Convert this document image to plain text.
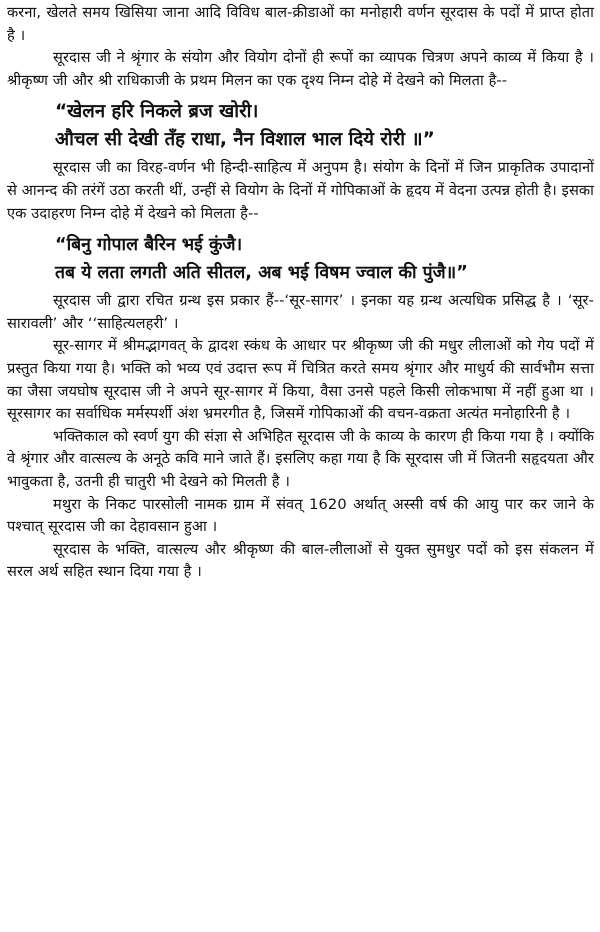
करना, खेलते समय खिसिया जाना आदि विविध बाल-क्रीडाओं का मनोहारी वर्णन सूरदास के पदों में प्राप्त होता है ।

सूरदास जी ने श्रृंगार के संयोग और वियोग दोनों ही रूपों का व्यापक चित्रण अपने काव्य में किया है । श्रीकृष्ण जी और श्री राधिकाजी के प्रथम मिलन का एक दृश्य निम्न दोहे में देखने को मिलता है--

“खेलन हरि निकले ब्रज खोरी।
औचल सी देखी तँह राधा, नैन विशाल भाल दिये रोरी ॥”

सूरदास जी का विरह-वर्णन भी हिन्दी-साहित्य में अनुपम है। संयोग के दिनों में जिन प्राकृतिक उपादानों से आनन्द की तरंगें उठा करती थीं, उन्हीं से वियोग के दिनों में गोपिकाओं के हृदय में वेदना उत्पन्न होती है। इसका एक उदाहरण निम्न दोहे में देखने को मिलता है--

“बिनु गोपाल बैरिन भई कुंजै।
तब ये लता लगती अति सीतल, अब भई विषम ज्वाल की पुंजै॥”

सूरदास जी द्वारा रचित ग्रन्थ इस प्रकार हैं--‘सूर-सागर’ । इनका यह ग्रन्थ अत्यधिक प्रसिद्ध है । ‘सूर-सारावली’ और ‘‘साहित्यलहरी’ ।

सूर-सागर में श्रीमद्भागवत् के द्वादश स्कंध के आधार पर श्रीकृष्ण जी की मधुर लीलाओं को गेय पदों में प्रस्तुत किया गया है। भक्ति को भव्य एवं उदात्त रूप में चित्रित करते समय श्रृंगार और माधुर्य की सार्वभौम सत्ता का जैसा जयघोष सूरदास जी ने अपने सूर-सागर में किया, वैसा उनसे पहले किसी लोकभाषा में नहीं हुआ था । सूरसागर का सर्वाधिक मर्मस्पर्शी अंश भ्रमरगीत है, जिसमें गोपिकाओं की वचन-वक्रता अत्यंत मनोहारिनी है ।

भक्तिकाल को स्वर्ण युग की संज्ञा से अभिहित सूरदास जी के काव्य के कारण ही किया गया है । क्योंकि वे श्रृंगार और वात्सल्य के अनूठे कवि माने जाते हैं। इसलिए कहा गया है कि सूरदास जी में जितनी सहृदयता और भावुकता है, उतनी ही चातुरी भी देखने को मिलती है ।

मथुरा के निकट पारसोली नामक ग्राम में संवत् 1620 अर्थात् अस्सी वर्ष की आयु पार कर जाने के पश्चात् सूरदास जी का देहावसान हुआ ।

सूरदास के भक्ति, वात्सल्य और श्रीकृष्ण की बाल-लीलाओं से युक्त सुमधुर पदों को इस संकलन में सरल अर्थ सहित स्थान दिया गया है ।
